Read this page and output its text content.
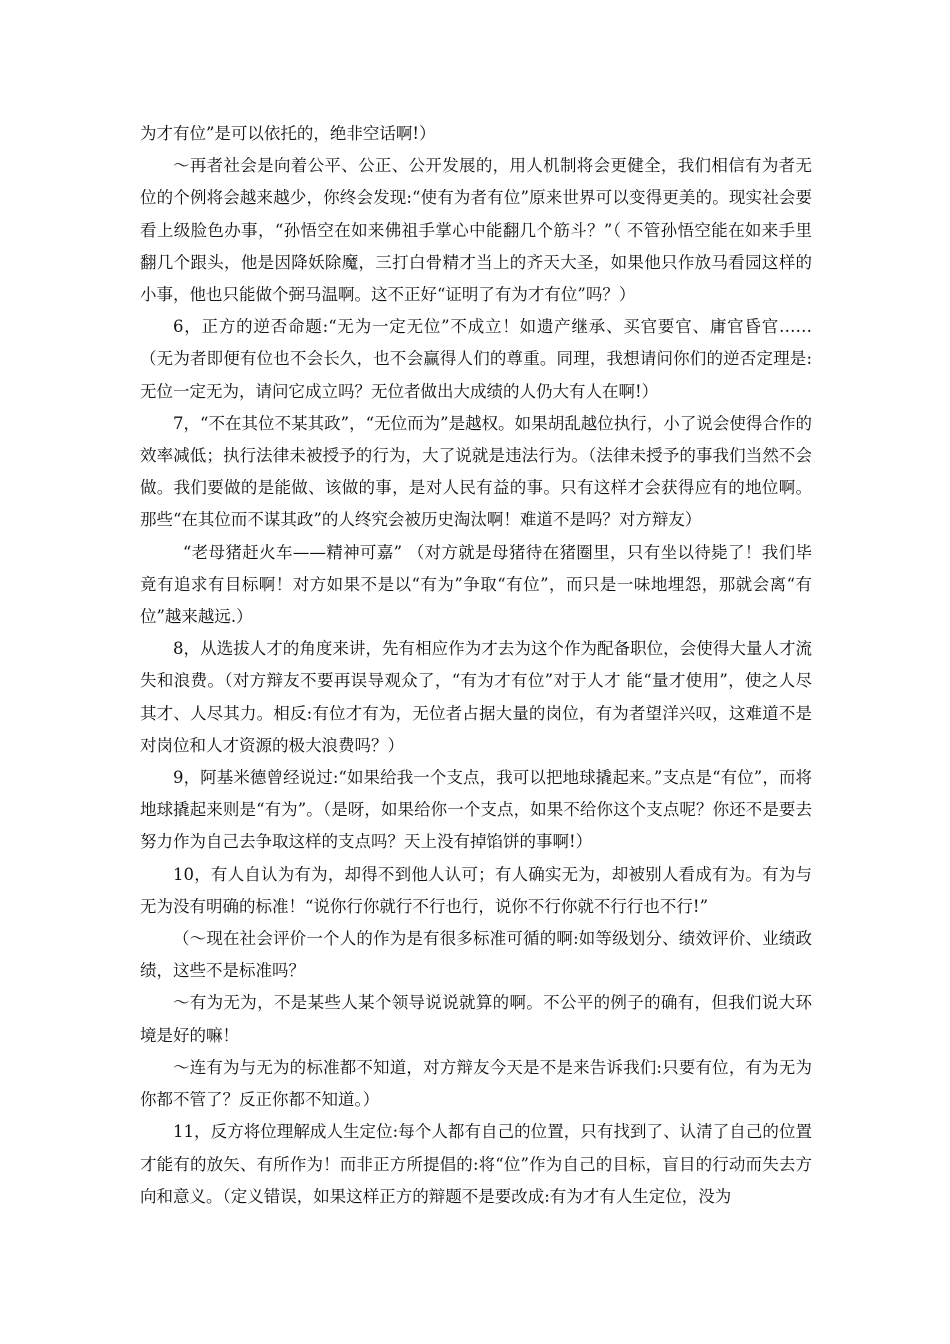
为才有位”是可以依托的，绝非空话啊!）

～再者社会是向着公平、公正、公开发展的，用人机制将会更健全，我们相信有为者无位的个例将会越来越少，你终会发现:“使有为者有位”原来世界可以变得更美的。现实社会要看上级脸色办事，“孙悟空在如来佛祖手掌心中能翻几个筋斗？”（ 不管孙悟空能在如来手里翻几个跟头，他是因降妖除魔，三打白骨精才当上的齐天大圣，如果他只作放马看园这样的小事，他也只能做个弼马温啊。这不正好“证明了有为才有位”吗？）

6，正方的逆否命题:“无为一定无位”不成立！如遗产继承、买官要官、庸官昏官……（无为者即便有位也不会长久，也不会赢得人们的尊重。同理，我想请问你们的逆否定理是:无位一定无为，请问它成立吗？无位者做出大成绩的人仍大有人在啊!）

7，“不在其位不某其政”，“无位而为”是越权。如果胡乱越位执行，小了说会使得合作的效率减低；执行法律未被授予的行为，大了说就是违法行为。（法律未授予的事我们当然不会做。我们要做的是能做、该做的事，是对人民有益的事。只有这样才会获得应有的地位啊。那些“在其位而不谋其政”的人终究会被历史淘汰啊！难道不是吗？对方辩友）

“老母猪赶火车——精神可嘉” （对方就是母猪待在猪圈里，只有坐以待毙了！我们毕竟有追求有目标啊！对方如果不是以“有为”争取“有位”，而只是一味地埋怨，那就会离“有位”越来越远.）

8，从选拔人才的角度来讲，先有相应作为才去为这个作为配备职位，会使得大量人才流失和浪费。（对方辩友不要再误导观众了，“有为才有位”对于人才 能“量才使用”，使之人尽其才、人尽其力。相反:有位才有为，无位者占据大量的岗位，有为者望洋兴叹，这难道不是对岗位和人才资源的极大浪费吗？）

9，阿基米德曾经说过:“如果给我一个支点，我可以把地球撬起来。”支点是“有位”，而将地球撬起来则是“有为”。（是呀，如果给你一个支点，如果不给你这个支点呢？你还不是要去努力作为自己去争取这样的支点吗？天上没有掉馅饼的事啊!）

10，有人自认为有为，却得不到他人认可；有人确实无为，却被别人看成有为。有为与无为没有明确的标准！“说你行你就行不行也行，说你不行你就不行行也不行!”

（～现在社会评价一个人的作为是有很多标准可循的啊:如等级划分、绩效评价、业绩政绩，这些不是标准吗？

～有为无为，不是某些人某个领导说说就算的啊。不公平的例子的确有，但我们说大环境是好的嘛！

～连有为与无为的标准都不知道，对方辩友今天是不是来告诉我们:只要有位，有为无为你都不管了？反正你都不知道。）

11，反方将位理解成人生定位:每个人都有自己的位置，只有找到了、认清了自己的位置才能有的放矢、有所作为！而非正方所提倡的:将“位”作为自己的目标，盲目的行动而失去方向和意义。（定义错误，如果这样正方的辩题不是要改成:有为才有人生定位，没为
